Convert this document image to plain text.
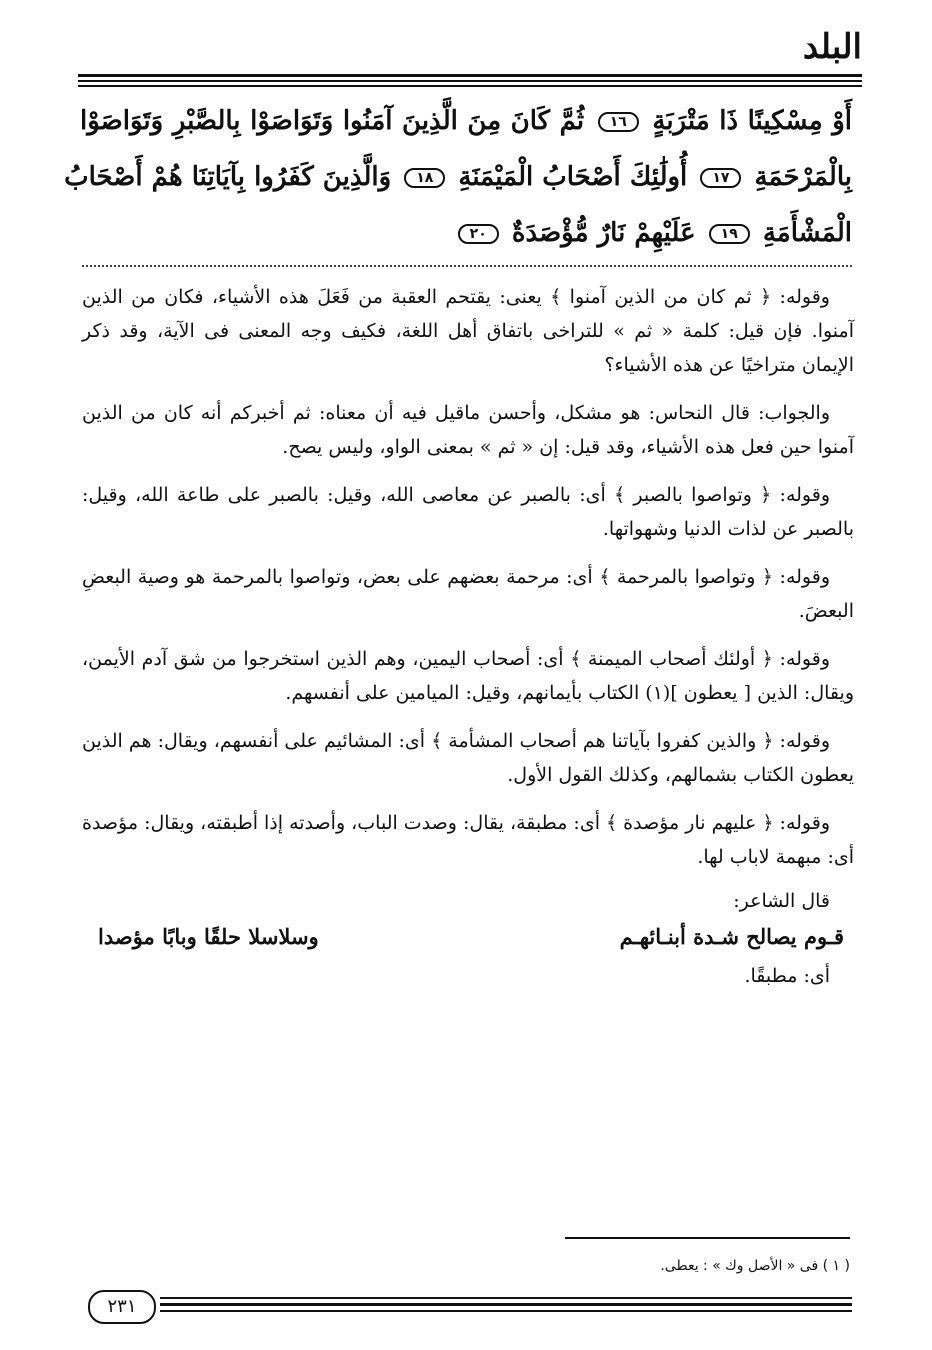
البلد
أَوْ مِسْكِينًا ذَا مَتْرَبَةٍ ١٦ ثُمَّ كَانَ مِنَ الَّذِينَ آمَنُوا وَتَوَاصَوْا بِالصَّبْرِ وَتَوَاصَوْا
بِالْمَرْحَمَةِ ١٧ أُولَٰئِكَ أَصْحَابُ الْمَيْمَنَةِ ١٨ وَالَّذِينَ كَفَرُوا بِآيَاتِنَا هُمْ أَصْحَابُ
الْمَشْأَمَةِ ١٩ عَلَيْهِمْ نَارٌ مُّؤْصَدَةٌ ٢٠

وقوله: ﴿ ثم كان من الذين آمنوا ﴾ يعنى: يقتحم العقبة من فَعَلَ هذه الأشياء، فكان من الذين آمنوا. فإن قيل: كلمة « ثم » للتراخى باتفاق أهل اللغة، فكيف وجه المعنى فى الآية، وقد ذكر الإيمان متراخيًا عن هذه الأشياء؟

والجواب: قال النحاس: هو مشكل، وأحسن ماقيل فيه أن معناه: ثم أخبركم أنه كان من الذين آمنوا حين فعل هذه الأشياء، وقد قيل: إن « ثم » بمعنى الواو، وليس يصح.

وقوله: ﴿ وتواصوا بالصبر ﴾ أى: بالصبر عن معاصى الله، وقيل: بالصبر على طاعة الله، وقيل: بالصبر عن لذات الدنيا وشهواتها.

وقوله: ﴿ وتواصوا بالمرحمة ﴾ أى: مرحمة بعضهم على بعض، وتواصوا بالمرحمة هو وصية البعضِ البعضَ.

وقوله: ﴿ أولئك أصحاب الميمنة ﴾ أى: أصحاب اليمين، وهم الذين استخرجوا من شق آدم الأيمن، ويقال: الذين [ يعطون ](١) الكتاب بأيمانهم، وقيل: الميامين على أنفسهم.

وقوله: ﴿ والذين كفروا بآياتنا هم أصحاب المشأمة ﴾ أى: المشائيم على أنفسهم، ويقال: هم الذين يعطون الكتاب بشمالهم، وكذلك القول الأول.

وقوله: ﴿ عليهم نار مؤصدة ﴾ أى: مطبقة، يقال: وصدت الباب، وأصدته إذا أطبقته، ويقال: مؤصدة أى: مبهمة لاباب لها.

قال الشاعر:

قـوم يصالح شـدة أبنـائهـم
وسلاسلا حلقًا وبابًا مؤصدا

أى: مطبقًا.

( ١ ) فى « الأصل وك » : يعطى.
٢٣١
